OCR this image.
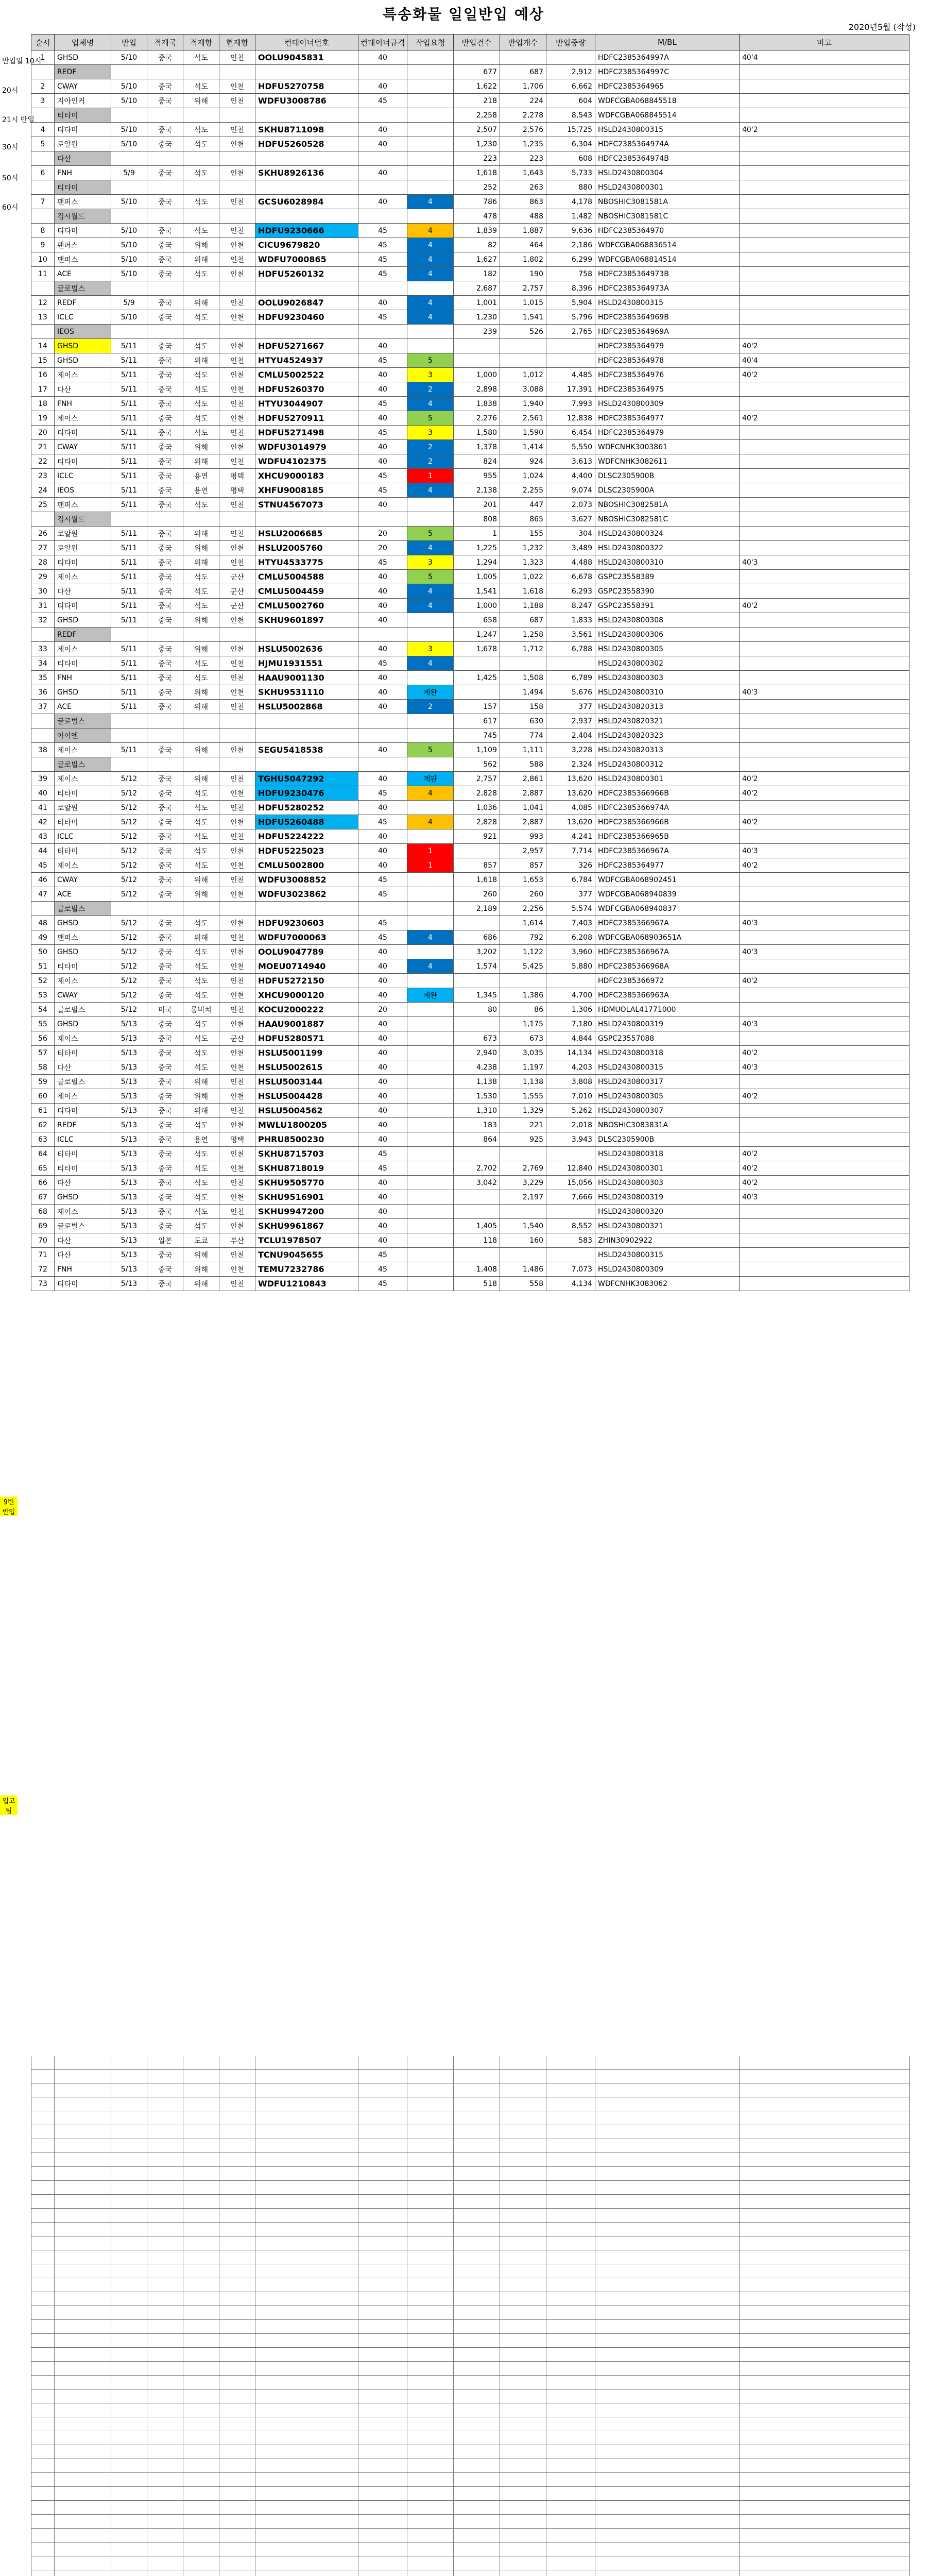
특송화물 일일반입 예상
2020년5월 (작성)
반입일 10시
20시
21시 반입
30시
50시
60시
9번 반입
입고팀
순서	업체명	반입	적재국	적재항	현재항	컨테이너번호	컨테이너규격	작업요청	반입건수	반입개수	반입중량	M/BL	비고
1	GHSD	5/10	중국	석도	인천	OOLU9045831	40					HDFC2385364997A	40'4
	REDF								677	687	2,912	HDFC2385364997C	
2	CWAY	5/10	중국	석도	인천	HDFU5270758	40		1,622	1,706	6,662	HDFC2385364965	
3	지아인커	5/10	중국	위해	인천	WDFU3008786	45		218	224	604	WDFCGBA068845518	
	티타미								2,258	2,278	8,543	WDFCGBA068845514	
4	티타미	5/10	중국	석도	인천	SKHU8711098	40		2,507	2,576	15,725	HSLD2430800315	40'2
5	로알원	5/10	중국	석도	인천	HDFU5260528	40		1,230	1,235	6,304	HDFC2385364974A	
	다산								223	223	608	HDFC2385364974B	
6	FNH	5/9	중국	석도	인천	SKHU8926136	40		1,618	1,643	5,733	HSLD2430800304	
	티타미								252	263	880	HSLD2430800301	
7	팬퍼스	5/10	중국	석도	인천	GCSU6028984	40	4	786	863	4,178	NBOSHIC3081581A	
	검시월드								478	488	1,482	NBOSHIC3081581C	
8	티타미	5/10	중국	석도	인천	HDFU9230666	45	4	1,839	1,887	9,636	HDFC2385364970	
9	팬퍼스	5/10	중국	위해	인천	CICU9679820	45	4	82	464	2,186	WDFCGBA068836514	
10	팬퍼스	5/10	중국	위해	인천	WDFU7000865	45	4	1,627	1,802	6,299	WDFCGBA068814514	
11	ACE	5/10	중국	석도	인천	HDFU5260132	45	4	182	190	758	HDFC2385364973B	
	글로벌스								2,687	2,757	8,396	HDFC2385364973A	
12	REDF	5/9	중국	위해	인천	OOLU9026847	40	4	1,001	1,015	5,904	HSLD2430800315	
13	ICLC	5/10	중국	석도	인천	HDFU9230460	45	4	1,230	1,541	5,796	HDFC2385364969B	
	IEOS								239	526	2,765	HDFC2385364969A	
14	GHSD	5/11	중국	석도	인천	HDFU5271667	40					HDFC2385364979	40'2
15	GHSD	5/11	중국	위해	인천	HTYU4524937	45	5				HDFC2385364978	40'4
16	제이스	5/11	중국	석도	인천	CMLU5002522	40	3	1,000	1,012	4,485	HDFC2385364976	40'2
17	다산	5/11	중국	석도	인천	HDFU5260370	40	2	2,898	3,088	17,391	HDFC2385364975	
18	FNH	5/11	중국	석도	인천	HTYU3044907	45	4	1,838	1,940	7,993	HSLD2430800309	
19	제이스	5/11	중국	석도	인천	HDFU5270911	40	5	2,276	2,561	12,838	HDFC2385364977	40'2
20	티타미	5/11	중국	석도	인천	HDFU5271498	45	3	1,580	1,590	6,454	HDFC2385364979	
21	CWAY	5/11	중국	위해	인천	WDFU3014979	40	2	1,378	1,414	5,550	WDFCNHK3003861	
22	티타미	5/11	중국	위해	인천	WDFU4102375	40	2	824	924	3,613	WDFCNHK3082611	
23	ICLC	5/11	중국	용연	평택	XHCU9000183	45	1	955	1,024	4,400	DLSC2305900B	
24	IEOS	5/11	중국	용연	평택	XHFU9008185	45	4	2,138	2,255	9,074	DLSC2305900A	
25	팬퍼스	5/11	중국	석도	인천	STNU4567073	40		201	447	2,073	NBOSHIC3082581A	
	검시월드								808	865	3,627	NBOSHIC3082581C	
26	로알원	5/11	중국	위해	인천	HSLU2006685	20	5	1	155	304	HSLD2430800324	
27	로알원	5/11	중국	위해	인천	HSLU2005760	20	4	1,225	1,232	3,489	HSLD2430800322	
28	티타미	5/11	중국	위해	인천	HTYU4533775	45	3	1,294	1,323	4,488	HSLD2430800310	40'3
29	제이스	5/11	중국	석도	군산	CMLU5004588	40	5	1,005	1,022	6,678	GSPC23558389	
30	다산	5/11	중국	석도	군산	CMLU5004459	40	4	1,541	1,618	6,293	GSPC23558390	
31	티타미	5/11	중국	석도	군산	CMLU5002760	40	4	1,000	1,188	8,247	GSPC23558391	40'2
32	GHSD	5/11	중국	위해	인천	SKHU9601897	40		658	687	1,833	HSLD2430800308	
	REDF								1,247	1,258	3,561	HSLD2430800306	
33	제이스	5/11	중국	위해	인천	HSLU5002636	40	3	1,678	1,712	6,788	HSLD2430800305	
34	티타미	5/11	중국	석도	인천	HJMU1931551	45	4				HSLD2430800302	
35	FNH	5/11	중국	석도	인천	HAAU9001130	40		1,425	1,508	6,789	HSLD2430800303	
36	GHSD	5/11	중국	위해	인천	SKHU9531110	40	계완		1,494	5,676	HSLD2430800310	40'3
37	ACE	5/11	중국	위해	인천	HSLU5002868	40	2	157	158	377	HSLD2430820313	
	글로벌스								617	630	2,937	HSLD2430820321	
	아이엔								745	774	2,404	HSLD2430820323	
38	제이스	5/11	중국	위해	인천	SEGU5418538	40	5	1,109	1,111	3,228	HSLD2430820313	
	글로벌스								562	588	2,324	HSLD2430800312	
39	제이스	5/12	중국	위해	인천	TGHU5047292	40	계완	2,757	2,861	13,620	HSLD2430800301	40'2
40	티타미	5/12	중국	석도	인천	HDFU9230476	45	4	2,828	2,887	13,620	HDFC2385366966B	40'2
41	로알원	5/12	중국	석도	인천	HDFU5280252	40		1,036	1,041	4,085	HDFC2385366974A	
42	티타미	5/12	중국	석도	인천	HDFU5260488	45	4	2,828	2,887	13,620	HDFC2385366966B	40'2
43	ICLC	5/12	중국	석도	인천	HDFU5224222	40		921	993	4,241	HDFC2385366965B	
44	티타미	5/12	중국	석도	인천	HDFU5225023	40	1		2,957	7,714	HDFC2385366967A	40'3
45	제이스	5/12	중국	석도	인천	CMLU5002800	40	1	857	857	326	HDFC2385364977	40'2
46	CWAY	5/12	중국	위해	인천	WDFU3008852	45		1,618	1,653	6,784	WDFCGBA068902451	
47	ACE	5/12	중국	위해	인천	WDFU3023862	45		260	260	377	WDFCGBA068940839	
	글로벌스								2,189	2,256	5,574	WDFCGBA068940837	
48	GHSD	5/12	중국	석도	인천	HDFU9230603	45			1,614	7,403	HDFC2385366967A	40'3
49	팬퍼스	5/12	중국	위해	인천	WDFU7000063	45	4	686	792	6,208	WDFCGBA068903651A	
50	GHSD	5/12	중국	석도	인천	OOLU9047789	40		3,202	1,122	3,960	HDFC2385366967A	40'3
51	티타미	5/12	중국	석도	인천	MOEU0714940	40	4	1,574	5,425	5,880	HDFC2385366968A	
52	제이스	5/12	중국	석도	인천	HDFU5272150	40					HDFC2385366972	40'2
53	CWAY	5/12	중국	석도	인천	XHCU9000120	40	계완	1,345	1,386	4,700	HDFC2385366963A	
54	글로벌스	5/12	미국	롱비치	인천	KOCU2000222	20		80	86	1,306	HDMUOLAL41771000	
55	GHSD	5/13	중국	석도	인천	HAAU9001887	40			1,175	7,180	HSLD2430800319	40'3
56	제이스	5/13	중국	석도	군산	HDFU5280571	40		673	673	4,844	GSPC23557088	
57	티타미	5/13	중국	석도	인천	HSLU5001199	40		2,940	3,035	14,134	HSLD2430800318	40'2
58	다산	5/13	중국	석도	인천	HSLU5002615	40		4,238	1,197	4,203	HSLD2430800315	40'3
59	글로벌스	5/13	중국	위해	인천	HSLU5003144	40		1,138	1,138	3,808	HSLD2430800317	
60	제이스	5/13	중국	위해	인천	HSLU5004428	40		1,530	1,555	7,010	HSLD2430800305	40'2
61	티타미	5/13	중국	위해	인천	HSLU5004562	40		1,310	1,329	5,262	HSLD2430800307	
62	REDF	5/13	중국	석도	인천	MWLU1800205	40		183	221	2,018	NBOSHIC3083831A	
63	ICLC	5/13	중국	용연	평택	PHRU8500230	40		864	925	3,943	DLSC2305900B	
64	티타미	5/13	중국	석도	인천	SKHU8715703	45					HSLD2430800318	40'2
65	티타미	5/13	중국	석도	인천	SKHU8718019	45		2,702	2,769	12,840	HSLD2430800301	40'2
66	다산	5/13	중국	석도	인천	SKHU9505770	40		3,042	3,229	15,056	HSLD2430800303	40'2
67	GHSD	5/13	중국	석도	인천	SKHU9516901	40			2,197	7,666	HSLD2430800319	40'3
68	제이스	5/13	중국	석도	인천	SKHU9947200	40					HSLD2430800320	
69	글로벌스	5/13	중국	석도	인천	SKHU9961867	40		1,405	1,540	8,552	HSLD2430800321	
70	다산	5/13	일본	도쿄	부산	TCLU1978507	40		118	160	583	ZHIN30902922	
71	다산	5/13	중국	위해	인천	TCNU9045655	45					HSLD2430800315	
72	FNH	5/13	중국	위해	인천	TEMU7232786	45		1,408	1,486	7,073	HSLD2430800309	
73	티타미	5/13	중국	위해	인천	WDFU1210843	45		518	558	4,134	WDFCNHK3083062	
